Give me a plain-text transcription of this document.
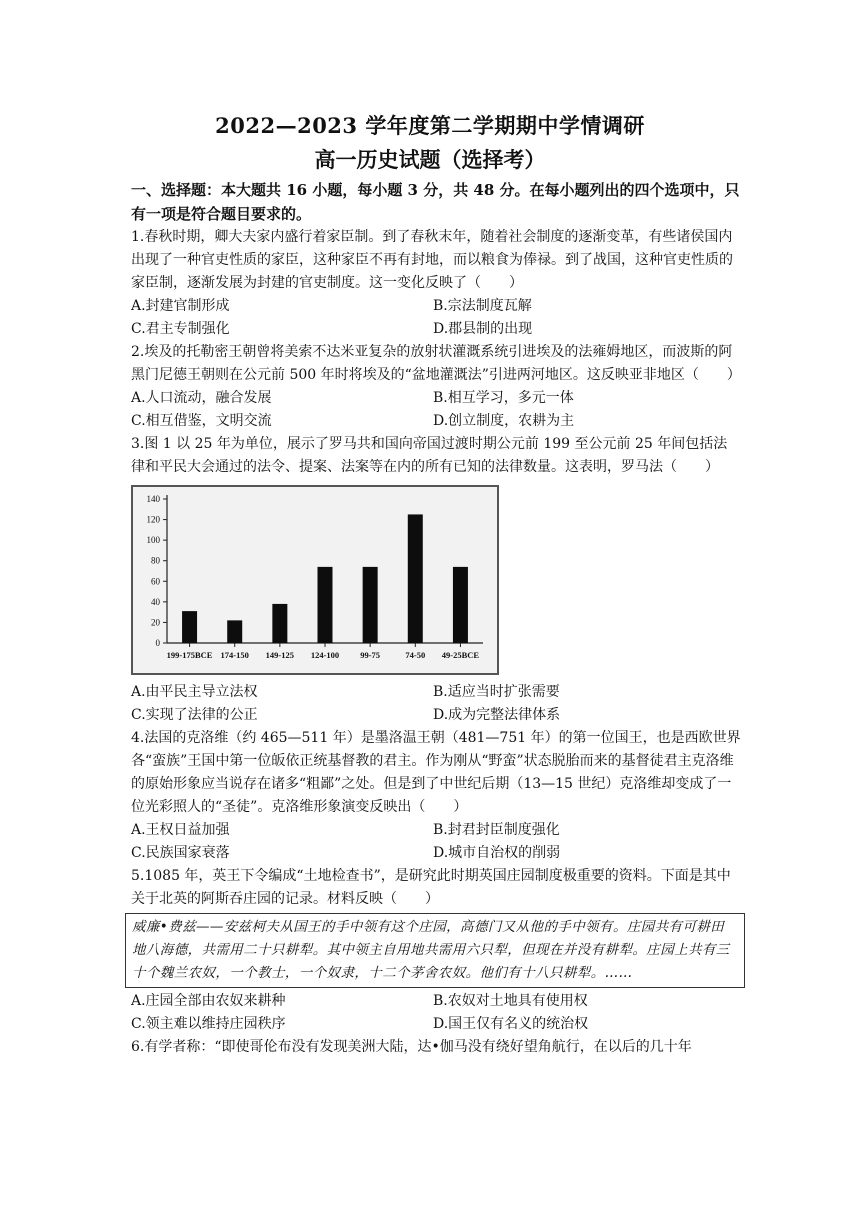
2022—2023 学年度第二学期期中学情调研
高一历史试题（选择考）
一、选择题：本大题共 16 小题，每小题 3 分，共 48 分。在每小题列出的四个选项中，只有一项是符合题目要求的。

1.春秋时期，卿大夫家内盛行着家臣制。到了春秋末年，随着社会制度的逐渐变革，有些诸侯国内出现了一种官吏性质的家臣，这种家臣不再有封地，而以粮食为俸禄。到了战国，这种官吏性质的家臣制，逐渐发展为封建的官吏制度。这一变化反映了（　　）

A.封建官制形成	B.宗法制度瓦解
C.君主专制强化	D.郡县制的出现

2.埃及的托勒密王朝曾将美索不达米亚复杂的放射状灌溉系统引进埃及的法雍姆地区，而波斯的阿黑门尼德王朝则在公元前 500 年时将埃及的“盆地灌溉法”引进两河地区。这反映亚非地区（　　）

A.人口流动，融合发展	B.相互学习，多元一体
C.相互借鉴，文明交流	D.创立制度，农耕为主

3.图 1 以 25 年为单位，展示了罗马共和国向帝国过渡时期公元前 199 至公元前 25 年间包括法律和平民大会通过的法令、提案、法案等在内的所有已知的法律数量。这表明，罗马法（　　）

0
20
40
60
80
100
120
140
199-175BCE 174-150 149-125 124-100 99-75	74-50 49-25BCE
A.由平民主导立法权	B.适应当时扩张需要
C.实现了法律的公正	D.成为完整法律体系

4.法国的克洛维（约 465—511 年）是墨洛温王朝（481—751 年）的第一位国王，也是西欧世界各“蛮族”王国中第一位皈依正统基督教的君主。作为刚从“野蛮”状态脱胎而来的基督徒君主克洛维的原始形象应当说存在诸多“粗鄙”之处。但是到了中世纪后期（13—15 世纪）克洛维却变成了一位光彩照人的“圣徒”。克洛维形象演变反映出（　　）

A.王权日益加强	B.封君封臣制度强化
C.民族国家衰落	D.城市自治权的削弱

5.1085 年，英王下令编成“土地检查书”，是研究此时期英国庄园制度极重要的资料。下面是其中关于北英的阿斯吞庄园的记录。材料反映（　　）

威廉•费兹——安兹柯夫从国王的手中领有这个庄园，高德门又从他的手中领有。庄园共有可耕田地八海德，共需用二十只耕犁。其中领主自用地共需用六只犁，但现在并没有耕犁。庄园上共有三十个魏兰农奴，一个教士，一个奴隶，十二个茅舍农奴。他们有十八只耕犁。……
A.庄园全部由农奴来耕种	B.农奴对土地具有使用权
C.领主难以维持庄园秩序	D.国王仅有名义的统治权

6.有学者称：“即使哥伦布没有发现美洲大陆，达•伽马没有绕好望角航行，在以后的几十年
